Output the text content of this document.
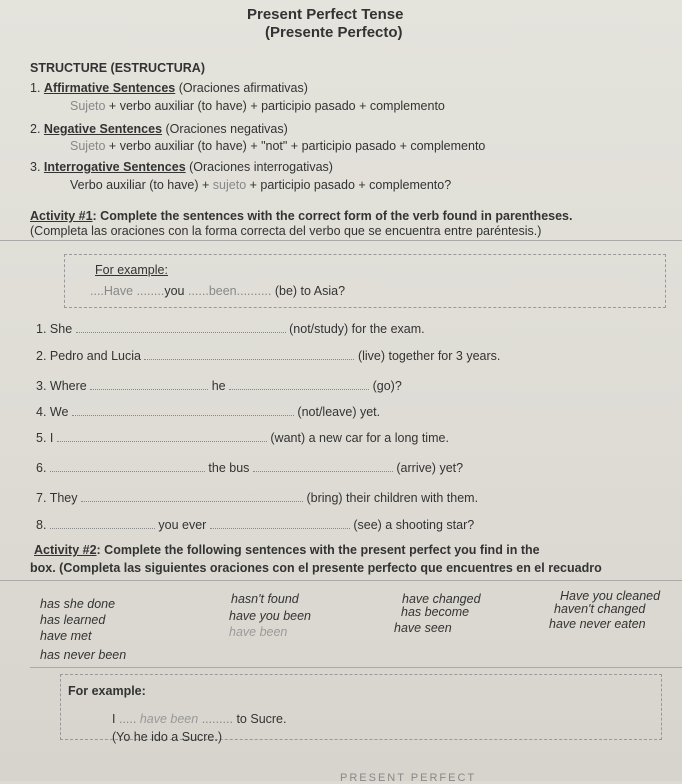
Present Perfect Tense
(Presente Perfecto)
STRUCTURE (ESTRUCTURA)
1. Affirmative Sentences (Oraciones afirmativas)
Sujeto + verbo auxiliar (to have) + participio pasado + complemento
2. Negative Sentences (Oraciones negativas)
Sujeto + verbo auxiliar (to have) + "not" + participio pasado + complemento
3. Interrogative Sentences (Oraciones interrogativas)
Verbo auxiliar (to have) + sujeto + participio pasado + complemento?
Activity #1: Complete the sentences with the correct form of the verb found in parentheses.
(Completa las oraciones con la forma correcta del verbo que se encuentra entre paréntesis.)
For example:
....Have ........you ......been.......... (be) to Asia?
1. She	(not/study) for the exam.
2. Pedro and Lucia	(live) together for 3 years.
3. Where	he	(go)?
4. We	(not/leave) yet.
5. I	(want) a new car for a long time.
6.	the bus	(arrive) yet?
7. They	(bring) their children with them.
8.	you ever	(see) a shooting star?
Activity #2: Complete the following sentences with the present perfect you find in the
box. (Completa las siguientes oraciones con el presente perfecto que encuentres en el recuadro
has she done	hasn't found	have changed	Have you cleaned
has learned	have you been	has become	haven't changed
have met	have been	have seen	have never eaten
has never been
For example:
I ..... have been ......... to Sucre.
(Yo he ido a Sucre.)
PRESENT PERFECT
